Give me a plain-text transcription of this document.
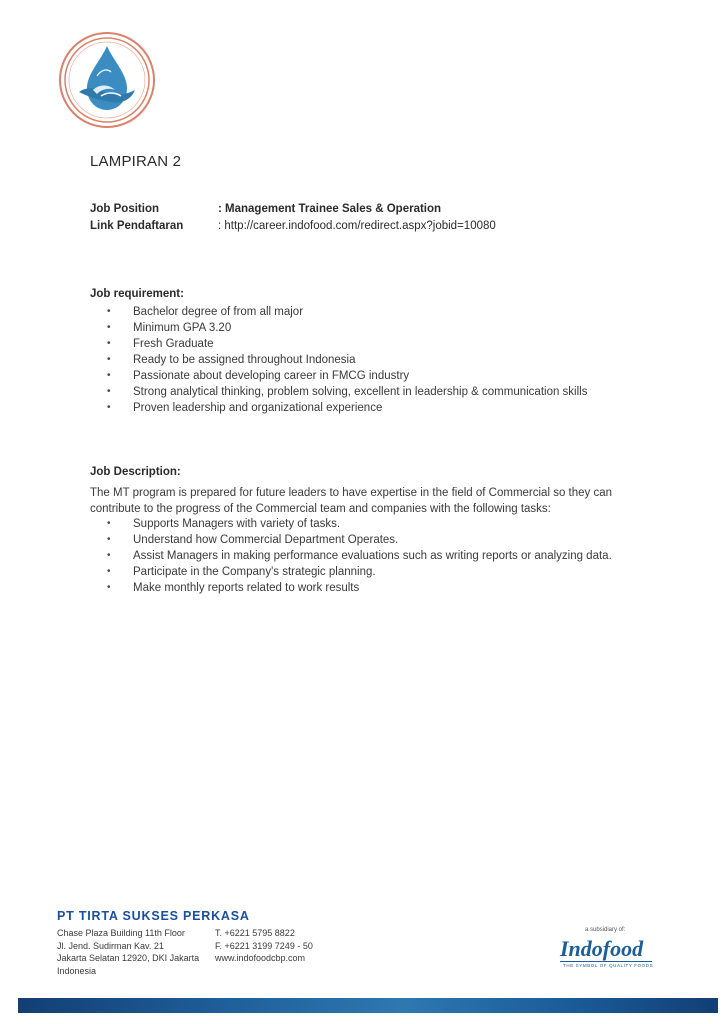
LAMPIRAN 2
Job Position	: Management Trainee Sales & Operation
Link Pendaftaran	: http://career.indofood.com/redirect.aspx?jobid=10080
Job requirement:
• Bachelor degree of from all major
• Minimum GPA 3.20
• Fresh Graduate
• Ready to be assigned throughout Indonesia
• Passionate about developing career in FMCG industry
• Strong analytical thinking, problem solving, excellent in leadership & communication skills
• Proven leadership and organizational experience
Job Description:
The MT program is prepared for future leaders to have expertise in the field of Commercial so they can contribute to the progress of the Commercial team and companies with the following tasks:
• Supports Managers with variety of tasks.
• Understand how Commercial Department Operates.
• Assist Managers in making performance evaluations such as writing reports or analyzing data.
• Participate in the Company's strategic planning.
• Make monthly reports related to work results
PT TIRTA SUKSES PERKASA
Chase Plaza Building 11th Floor
Jl. Jend. Sudirman Kav. 21
Jakarta Selatan 12920, DKI Jakarta
Indonesia
T. +6221 5795 8822
F. +6221 3199 7249 - 50
www.indofoodcbp.com
a subsidiary of:
Indofood
THE SYMBOL OF QUALITY FOODS
